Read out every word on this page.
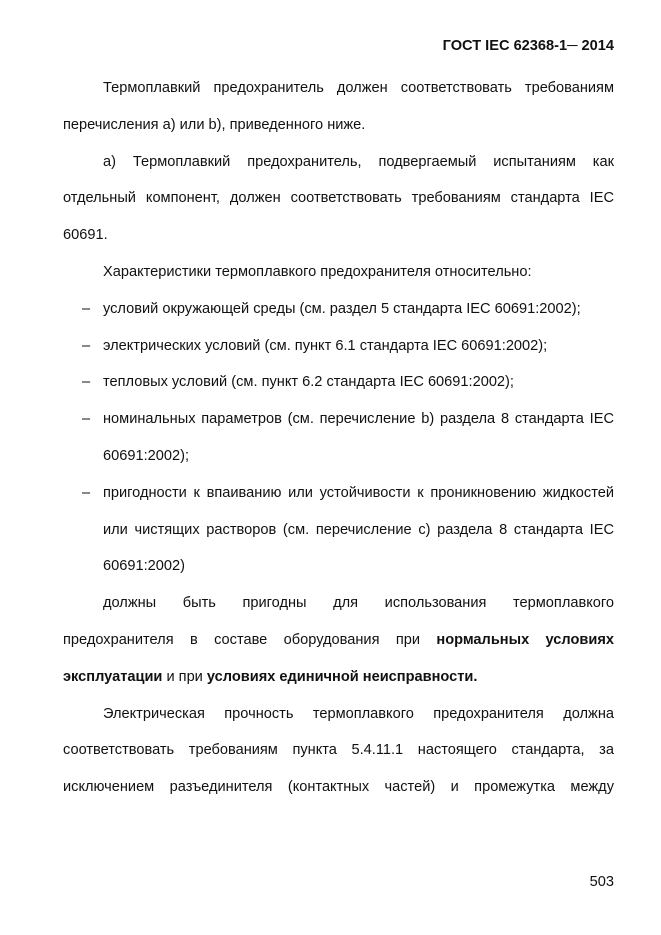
ГОСТ IEC 62368-1─ 2014

Термоплавкий предохранитель должен соответствовать требованиям перечисления a) или b), приведенного ниже.

a) Термоплавкий предохранитель, подвергаемый испытаниям как отдельный компонент, должен соответствовать требованиям стандарта IEC 60691.

Характеристики термоплавкого предохранителя относительно:

– условий окружающей среды (см. раздел 5 стандарта IEC 60691:2002);
– электрических условий (см. пункт 6.1 стандарта IEC 60691:2002);
– тепловых условий (см. пункт 6.2 стандарта IEC 60691:2002);
– номинальных параметров (см. перечисление b) раздела 8 стандарта IEC 60691:2002);
– пригодности к впаиванию или устойчивости к проникновению жидкостей или чистящих растворов (см. перечисление c) раздела 8 стандарта IEC 60691:2002)

должны быть пригодны для использования термоплавкого предохранителя в составе оборудования при нормальных условиях эксплуатации и при условиях единичной неисправности.

Электрическая прочность термоплавкого предохранителя должна соответствовать требованиям пункта 5.4.11.1 настоящего стандарта, за исключением разъединителя (контактных частей) и промежутка между

503
